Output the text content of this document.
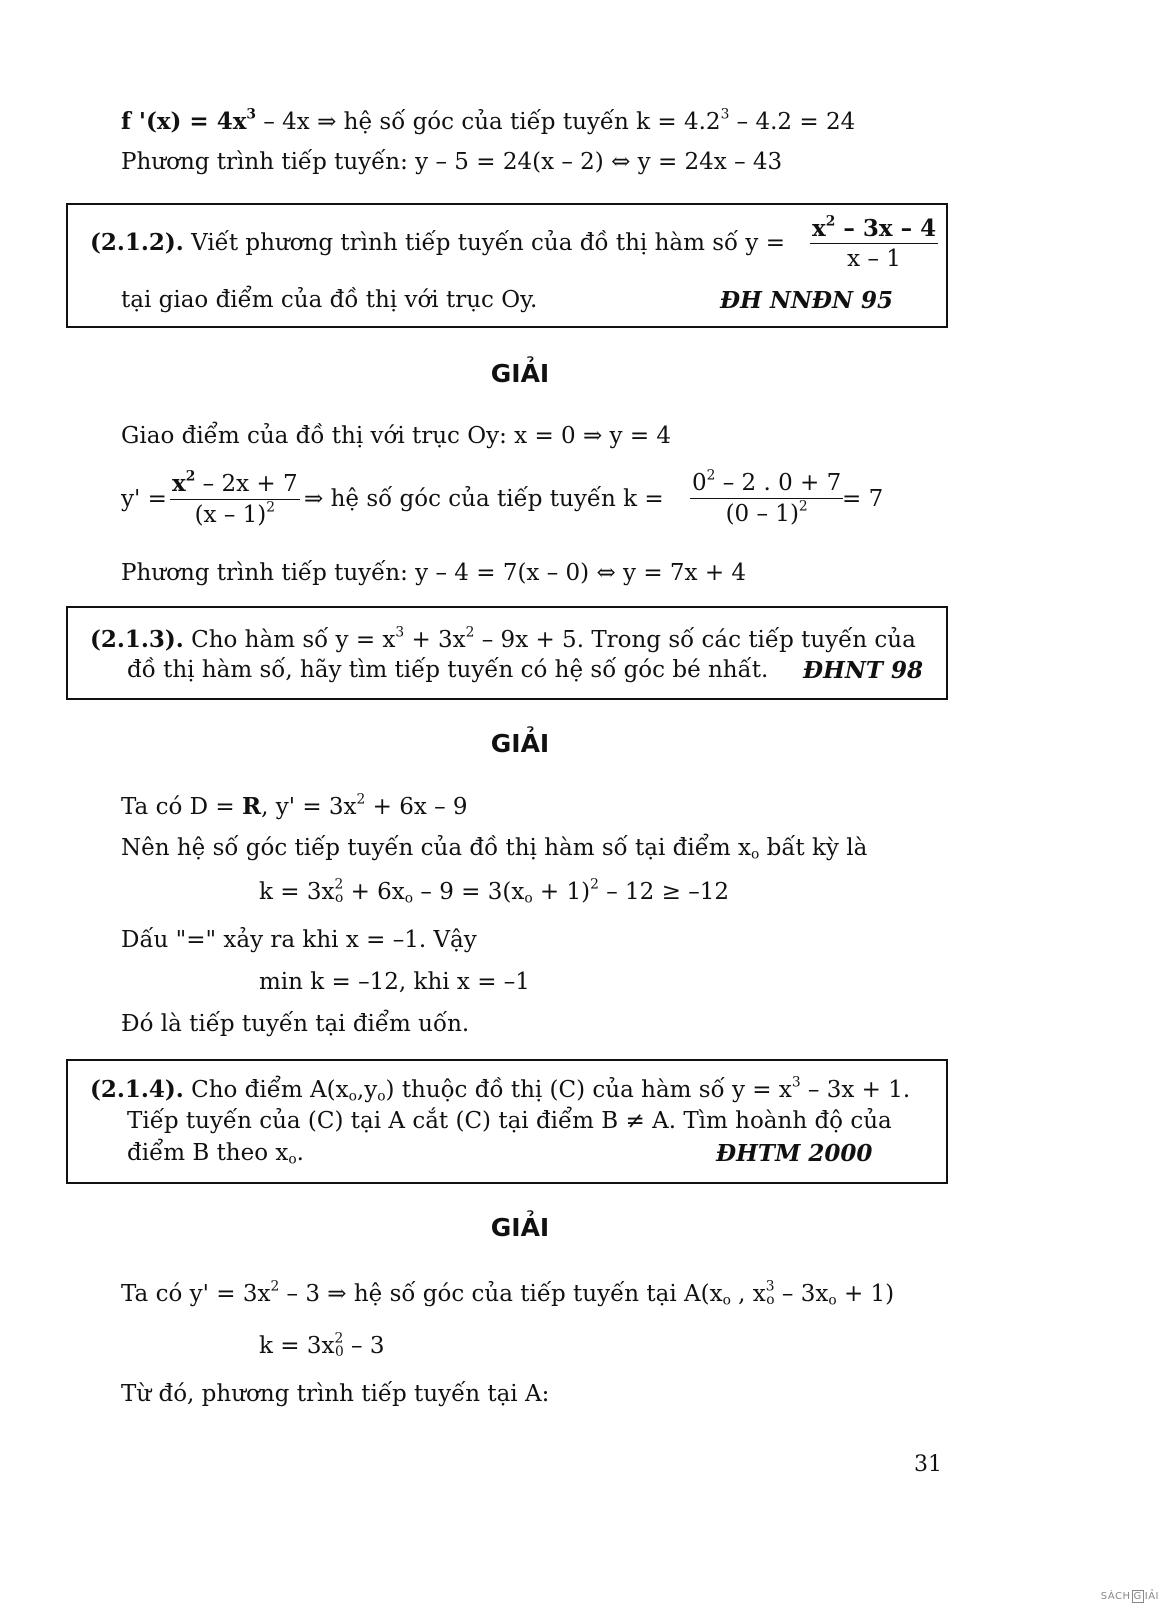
f '$(x) = 4x^3 - 4x$ ⇒ hệ số góc của tiếp tuyến $k = 4.2^3 - 4.2 = 24$
Phương trình tiếp tuyến: y – 5 = 24(x – 2) ⇔ y = 24x – 43
(2.1.2). Viết phương trình tiếp tuyến của đồ thị hàm số $y = \frac{x^2 - 3x - 4}{x - 1}$
tại giao điểm của đồ thị với trục Oy.	ĐH NNĐN 95
GIẢI
Giao điểm của đồ thị với trục Oy: x = 0 ⇒ y = 4
$y' = \frac{x^2 - 2x + 7}{(x - 1)^2}$ ⇒ hệ số góc của tiếp tuyến $k = \frac{0^2 - 2 . 0 + 7}{(0 - 1)^2}$
= 7
Phương trình tiếp tuyến: y – 4 = 7(x – 0) ⇔ y = 7x + 4
(2.1.3). Cho hàm số $y = x^3 + 3x^2 - 9x + 5$. Trong số các tiếp tuyến của
đồ thị hàm số, hãy tìm tiếp tuyến có hệ số góc bé nhất. ĐHNT 98
GIẢI
Ta có D = R, $y' = 3x^2 + 6x - 9$
Nên hệ số góc tiếp tuyến của đồ thị hàm số tại điểm $x_o$ bất kỳ là
$k = 3x^2_o + 6x_o - 9 = 3(x_o + 1)^2 - 12 \ge -12$
Dấu "=" xảy ra khi x = –1. Vậy
min k = –12, khi x = –1
Đó là tiếp tuyến tại điểm uốn.
(2.1.4). Cho điểm $A(x_o,y_o)$ thuộc đồ thị (C) của hàm số $y = x^3 - 3x + 1$.
Tiếp tuyến của (C) tại A cắt (C) tại điểm B ≠ A. Tìm hoành độ của
điểm B theo $x_o$.	ĐHTM 2000
GIẢI
Ta có $y' = 3x^2 - 3$ ⇒ hệ số góc của tiếp tuyến tại $A(x_o$ , $x^3_o - 3x_o + 1$)
$k = 3x^2_0 - 3$
Từ đó, phương trình tiếp tuyến tại A:
31
SÁCH G IẢI
